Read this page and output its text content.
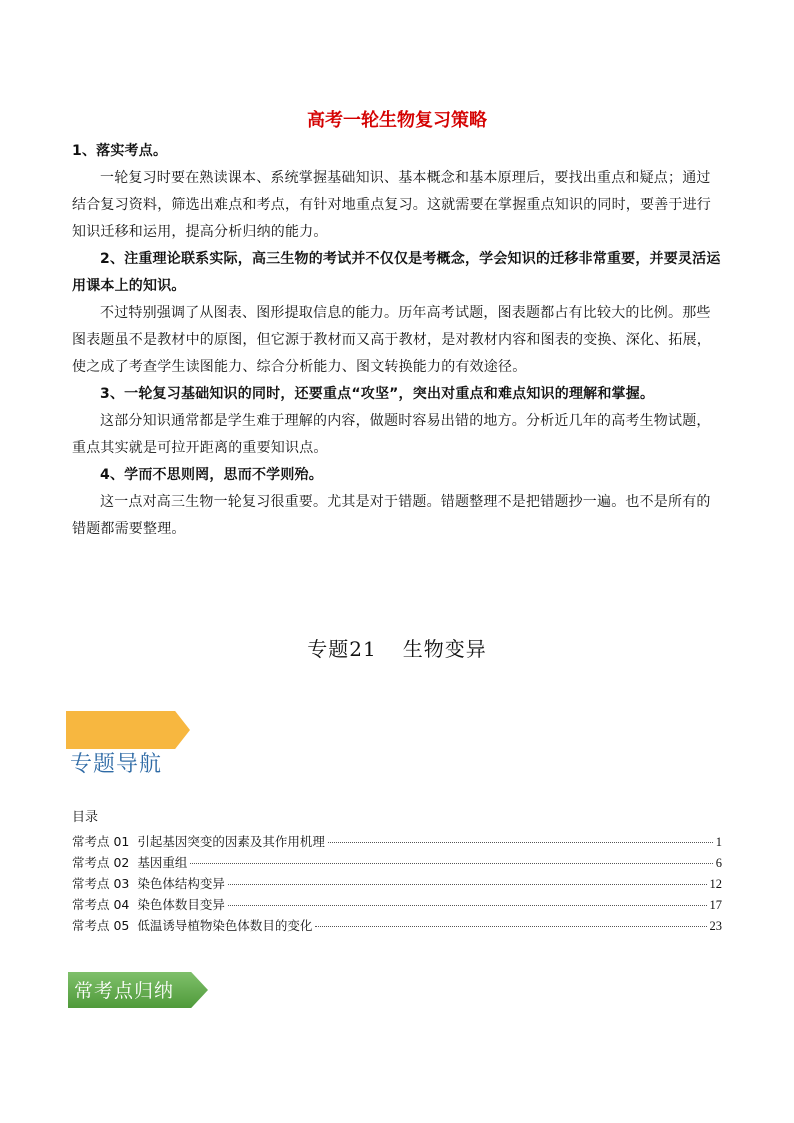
高考一轮生物复习策略
1、落实考点。
一轮复习时要在熟读课本、系统掌握基础知识、基本概念和基本原理后，要找出重点和疑点；通过结合复习资料，筛选出难点和考点，有针对地重点复习。这就需要在掌握重点知识的同时，要善于进行知识迁移和运用，提高分析归纳的能力。
2、注重理论联系实际，高三生物的考试并不仅仅是考概念，学会知识的迁移非常重要，并要灵活运用课本上的知识。
不过特别强调了从图表、图形提取信息的能力。历年高考试题，图表题都占有比较大的比例。那些图表题虽不是教材中的原图，但它源于教材而又高于教材，是对教材内容和图表的变换、深化、拓展，使之成了考查学生读图能力、综合分析能力、图文转换能力的有效途径。
3、一轮复习基础知识的同时，还要重点“攻坚”，突出对重点和难点知识的理解和掌握。
这部分知识通常都是学生难于理解的内容，做题时容易出错的地方。分析近几年的高考生物试题，重点其实就是可拉开距离的重要知识点。
4、学而不思则罔，思而不学则殆。
这一点对高三生物一轮复习很重要。尤其是对于错题。错题整理不是把错题抄一遍。也不是所有的错题都需要整理。
专题21 生物变异
专题导航
目录
常考点 01 引起基因突变的因素及其作用机理	1
常考点 02 基因重组	6
常考点 03 染色体结构变异	12
常考点 04 染色体数目变异	17
常考点 05 低温诱导植物染色体数目的变化	23
常考点归纳
